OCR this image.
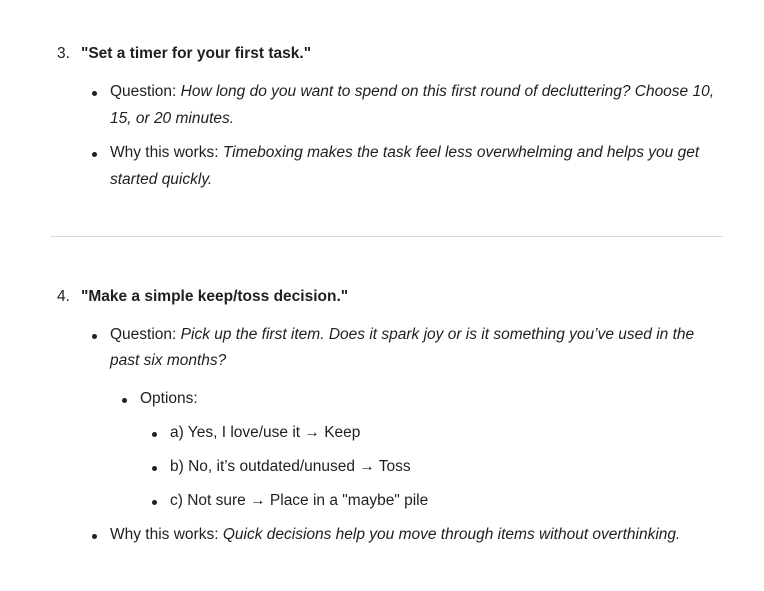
3. "Set a timer for your first task."
Question: How long do you want to spend on this first round of decluttering? Choose 10,
15, or 20 minutes.
Why this works: Timeboxing makes the task feel less overwhelming and helps you get
started quickly.
4. "Make a simple keep/toss decision."
Question: Pick up the first item. Does it spark joy or is it something you’ve used in the
past six months?
Options:
a) Yes, I love/use it → Keep
b) No, it’s outdated/unused → Toss
c) Not sure → Place in a "maybe" pile
Why this works: Quick decisions help you move through items without overthinking.
